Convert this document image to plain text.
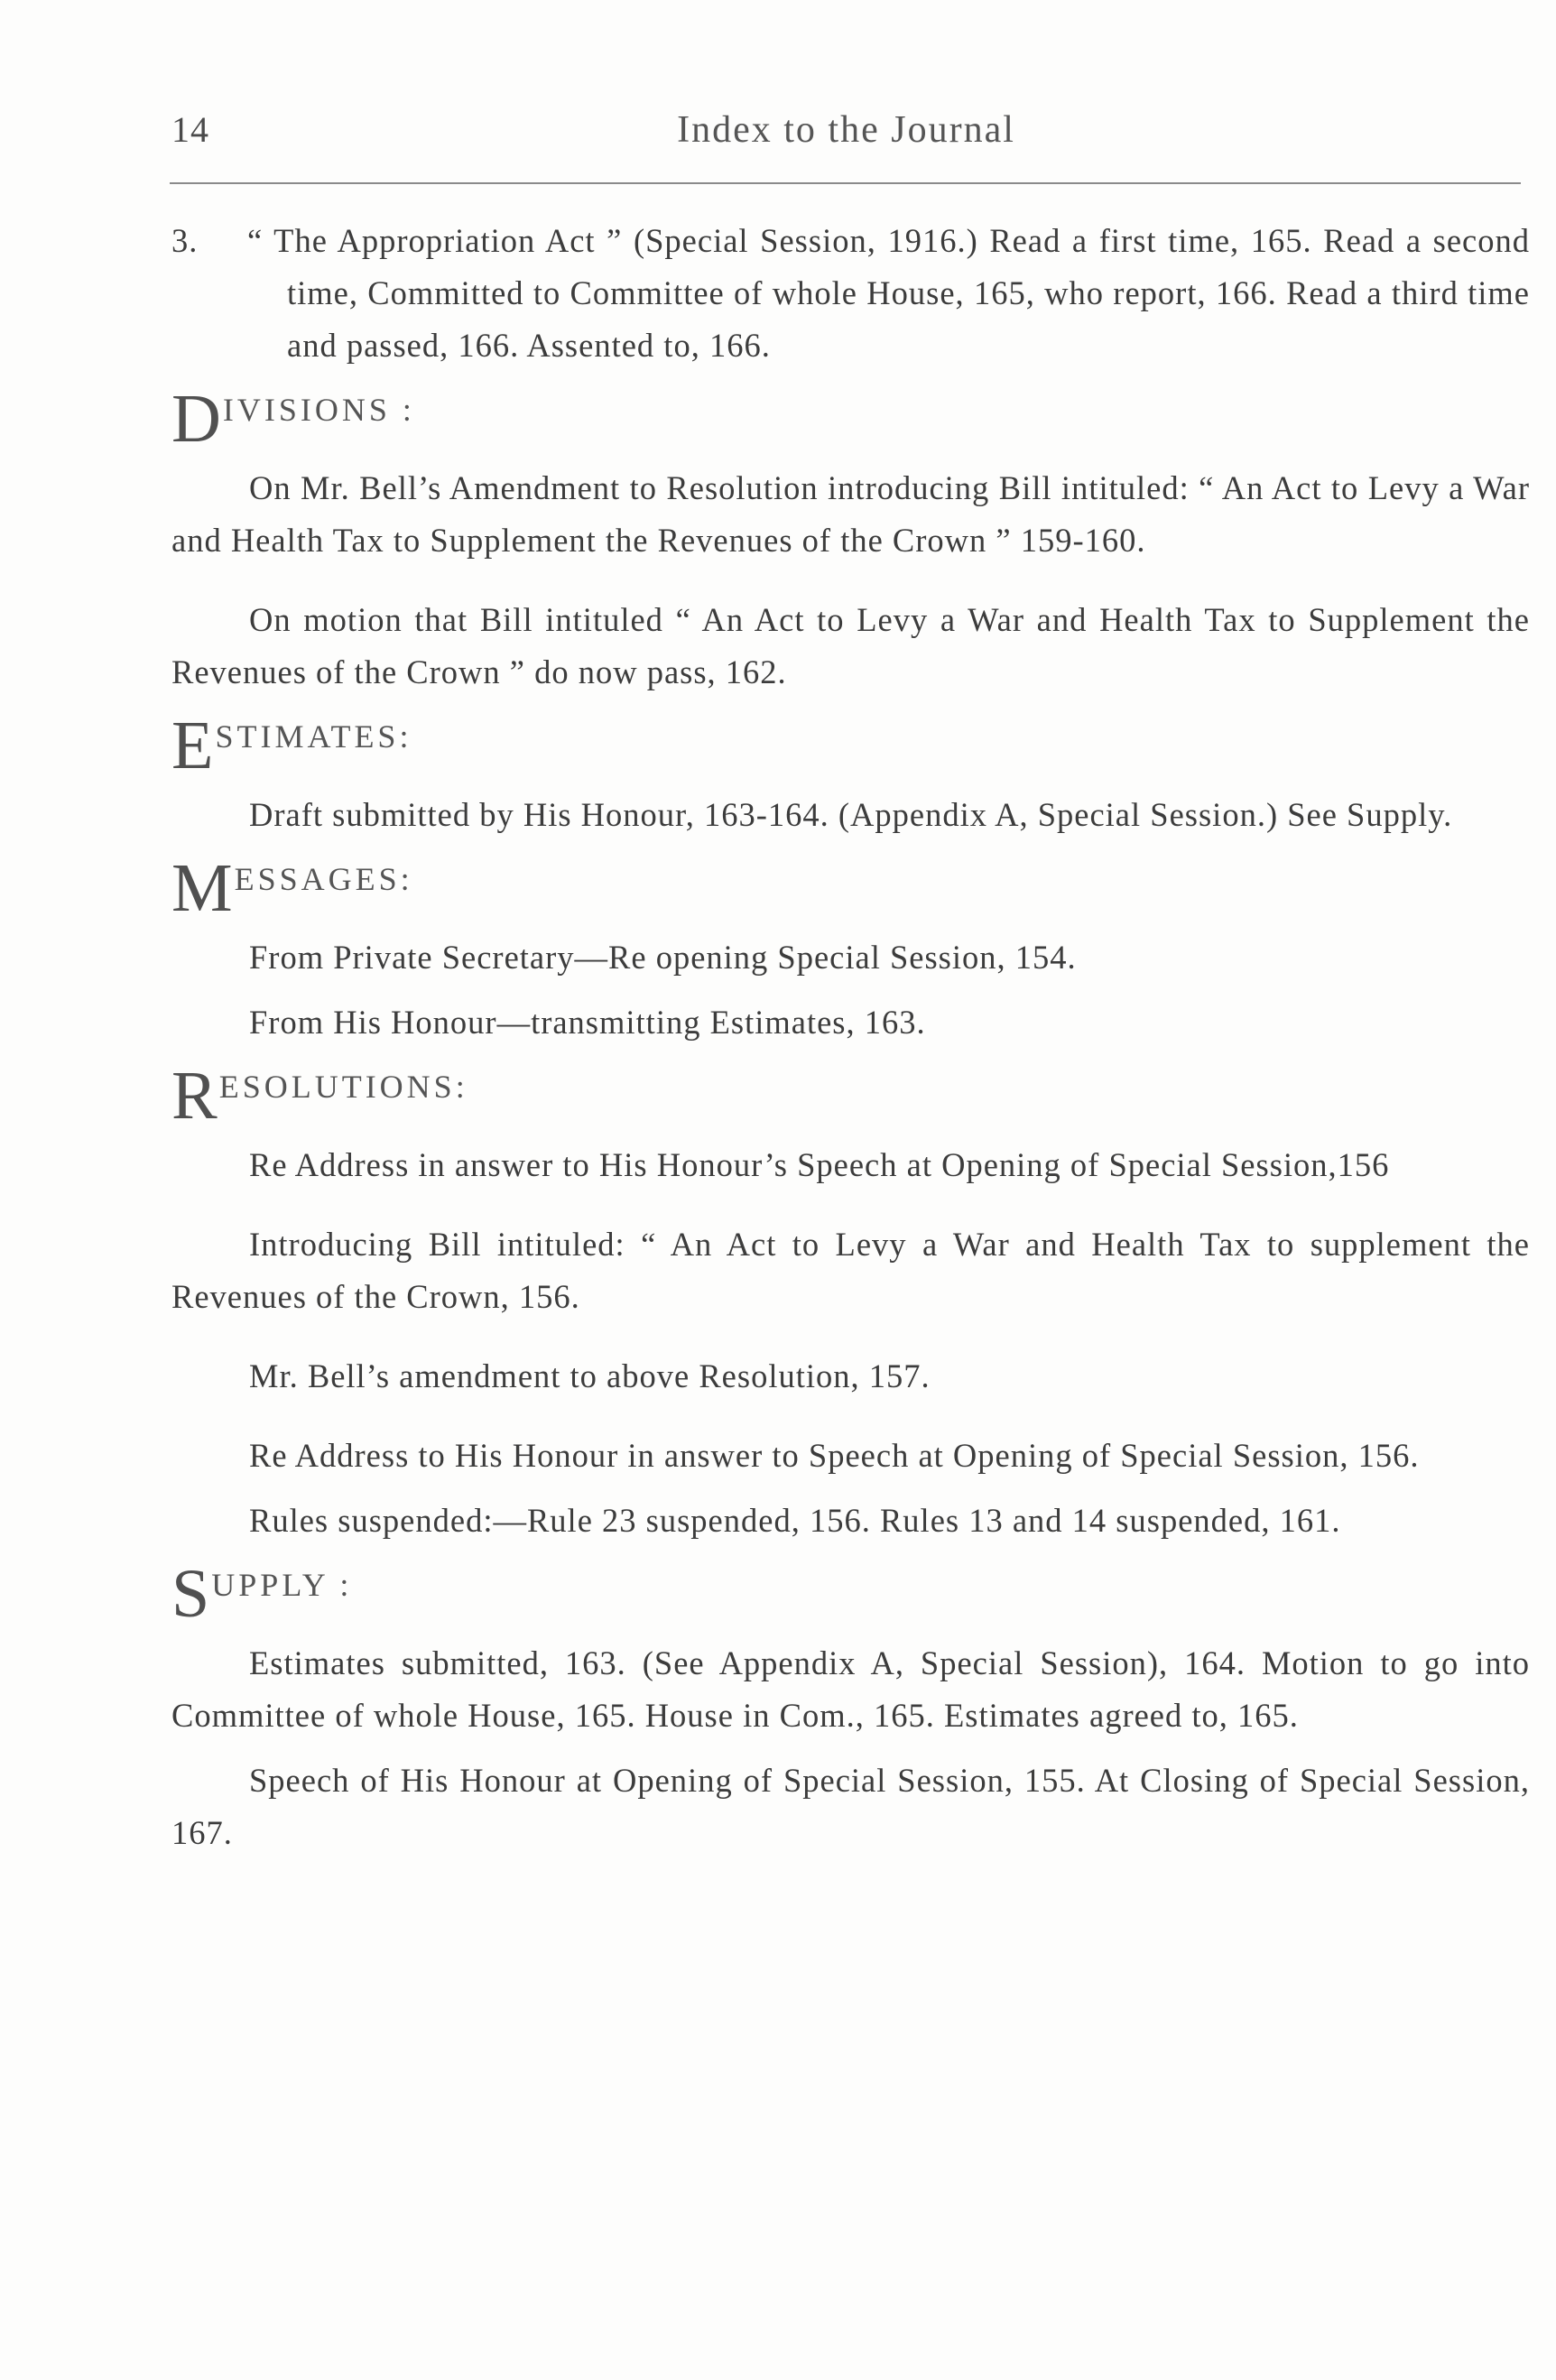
14	Index to the Journal

3. “ The Appropriation Act ” (Special Session, 1916.) Read a first time, 165. Read a second time, Committed to Committee of whole House, 165, who report, 166. Read a third time and passed, 166. Assented to, 166.

D IVISIONS :

On Mr. Bell’s Amendment to Resolution introducing Bill intituled: “ An Act to Levy a War and Health Tax to Supplement the Revenues of the Crown ” 159-160.

On motion that Bill intituled “ An Act to Levy a War and Health Tax to Supplement the Revenues of the Crown ” do now pass, 162.

E STIMATES:

Draft submitted by His Honour, 163-164. (Appendix A, Special Session.) See Supply.

M ESSAGES:

From Private Secretary—Re opening Special Session, 154.

From His Honour—transmitting Estimates, 163.

R ESOLUTIONS:

Re Address in answer to His Honour’s Speech at Opening of Special Session,156

Introducing Bill intituled: “ An Act to Levy a War and Health Tax to supplement the Revenues of the Crown, 156.

Mr. Bell’s amendment to above Resolution, 157.

Re Address to His Honour in answer to Speech at Opening of Special Session, 156.

Rules suspended:—Rule 23 suspended, 156. Rules 13 and 14 suspended, 161.

S UPPLY :

Estimates submitted, 163. (See Appendix A, Special Session), 164. Motion to go into Committee of whole House, 165. House in Com., 165. Estimates agreed to, 165.

Speech of His Honour at Opening of Special Session, 155. At Closing of Special Session, 167.
